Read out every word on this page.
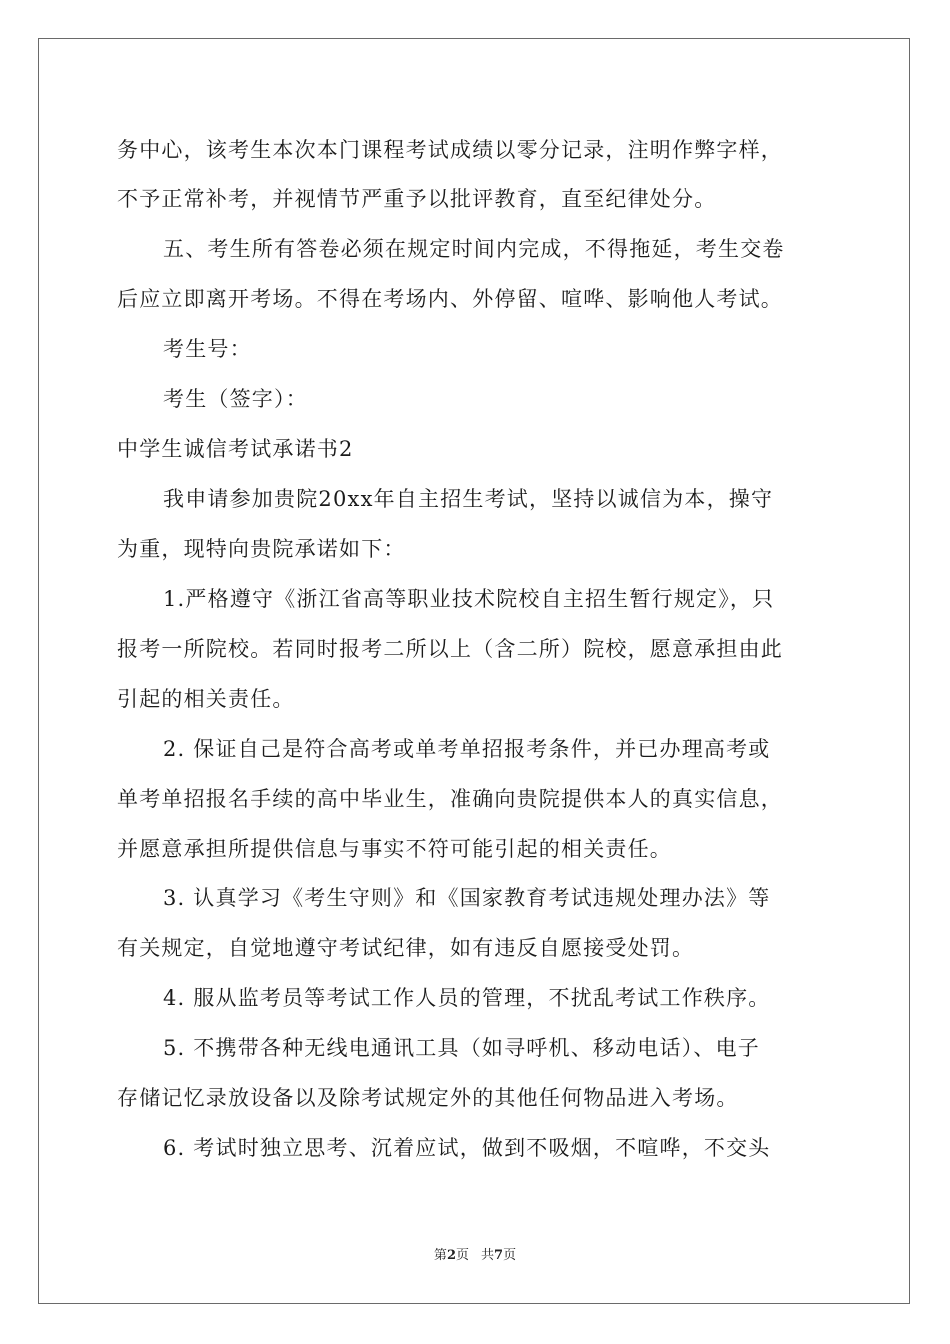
务中心，该考生本次本门课程考试成绩以零分记录，注明作弊字样，
不予正常补考，并视情节严重予以批评教育，直至纪律处分。
五、考生所有答卷必须在规定时间内完成，不得拖延，考生交卷
后应立即离开考场。不得在考场内、外停留、喧哗、影响他人考试。
考生号：
考生（签字）：
中学生诚信考试承诺书2
我申请参加贵院20xx年自主招生考试，坚持以诚信为本，操守
为重，现特向贵院承诺如下：
1.严格遵守《浙江省高等职业技术院校自主招生暂行规定》，只
报考一所院校。若同时报考二所以上（含二所）院校，愿意承担由此
引起的相关责任。
2. 保证自己是符合高考或单考单招报考条件，并已办理高考或
单考单招报名手续的高中毕业生，准确向贵院提供本人的真实信息，
并愿意承担所提供信息与事实不符可能引起的相关责任。
3. 认真学习《考生守则》和《国家教育考试违规处理办法》等
有关规定，自觉地遵守考试纪律，如有违反自愿接受处罚。
4. 服从监考员等考试工作人员的管理，不扰乱考试工作秩序。
5. 不携带各种无线电通讯工具（如寻呼机、移动电话）、电子
存储记忆录放设备以及除考试规定外的其他任何物品进入考场。
6. 考试时独立思考、沉着应试，做到不吸烟，不喧哗，不交头
第2页 共7页
